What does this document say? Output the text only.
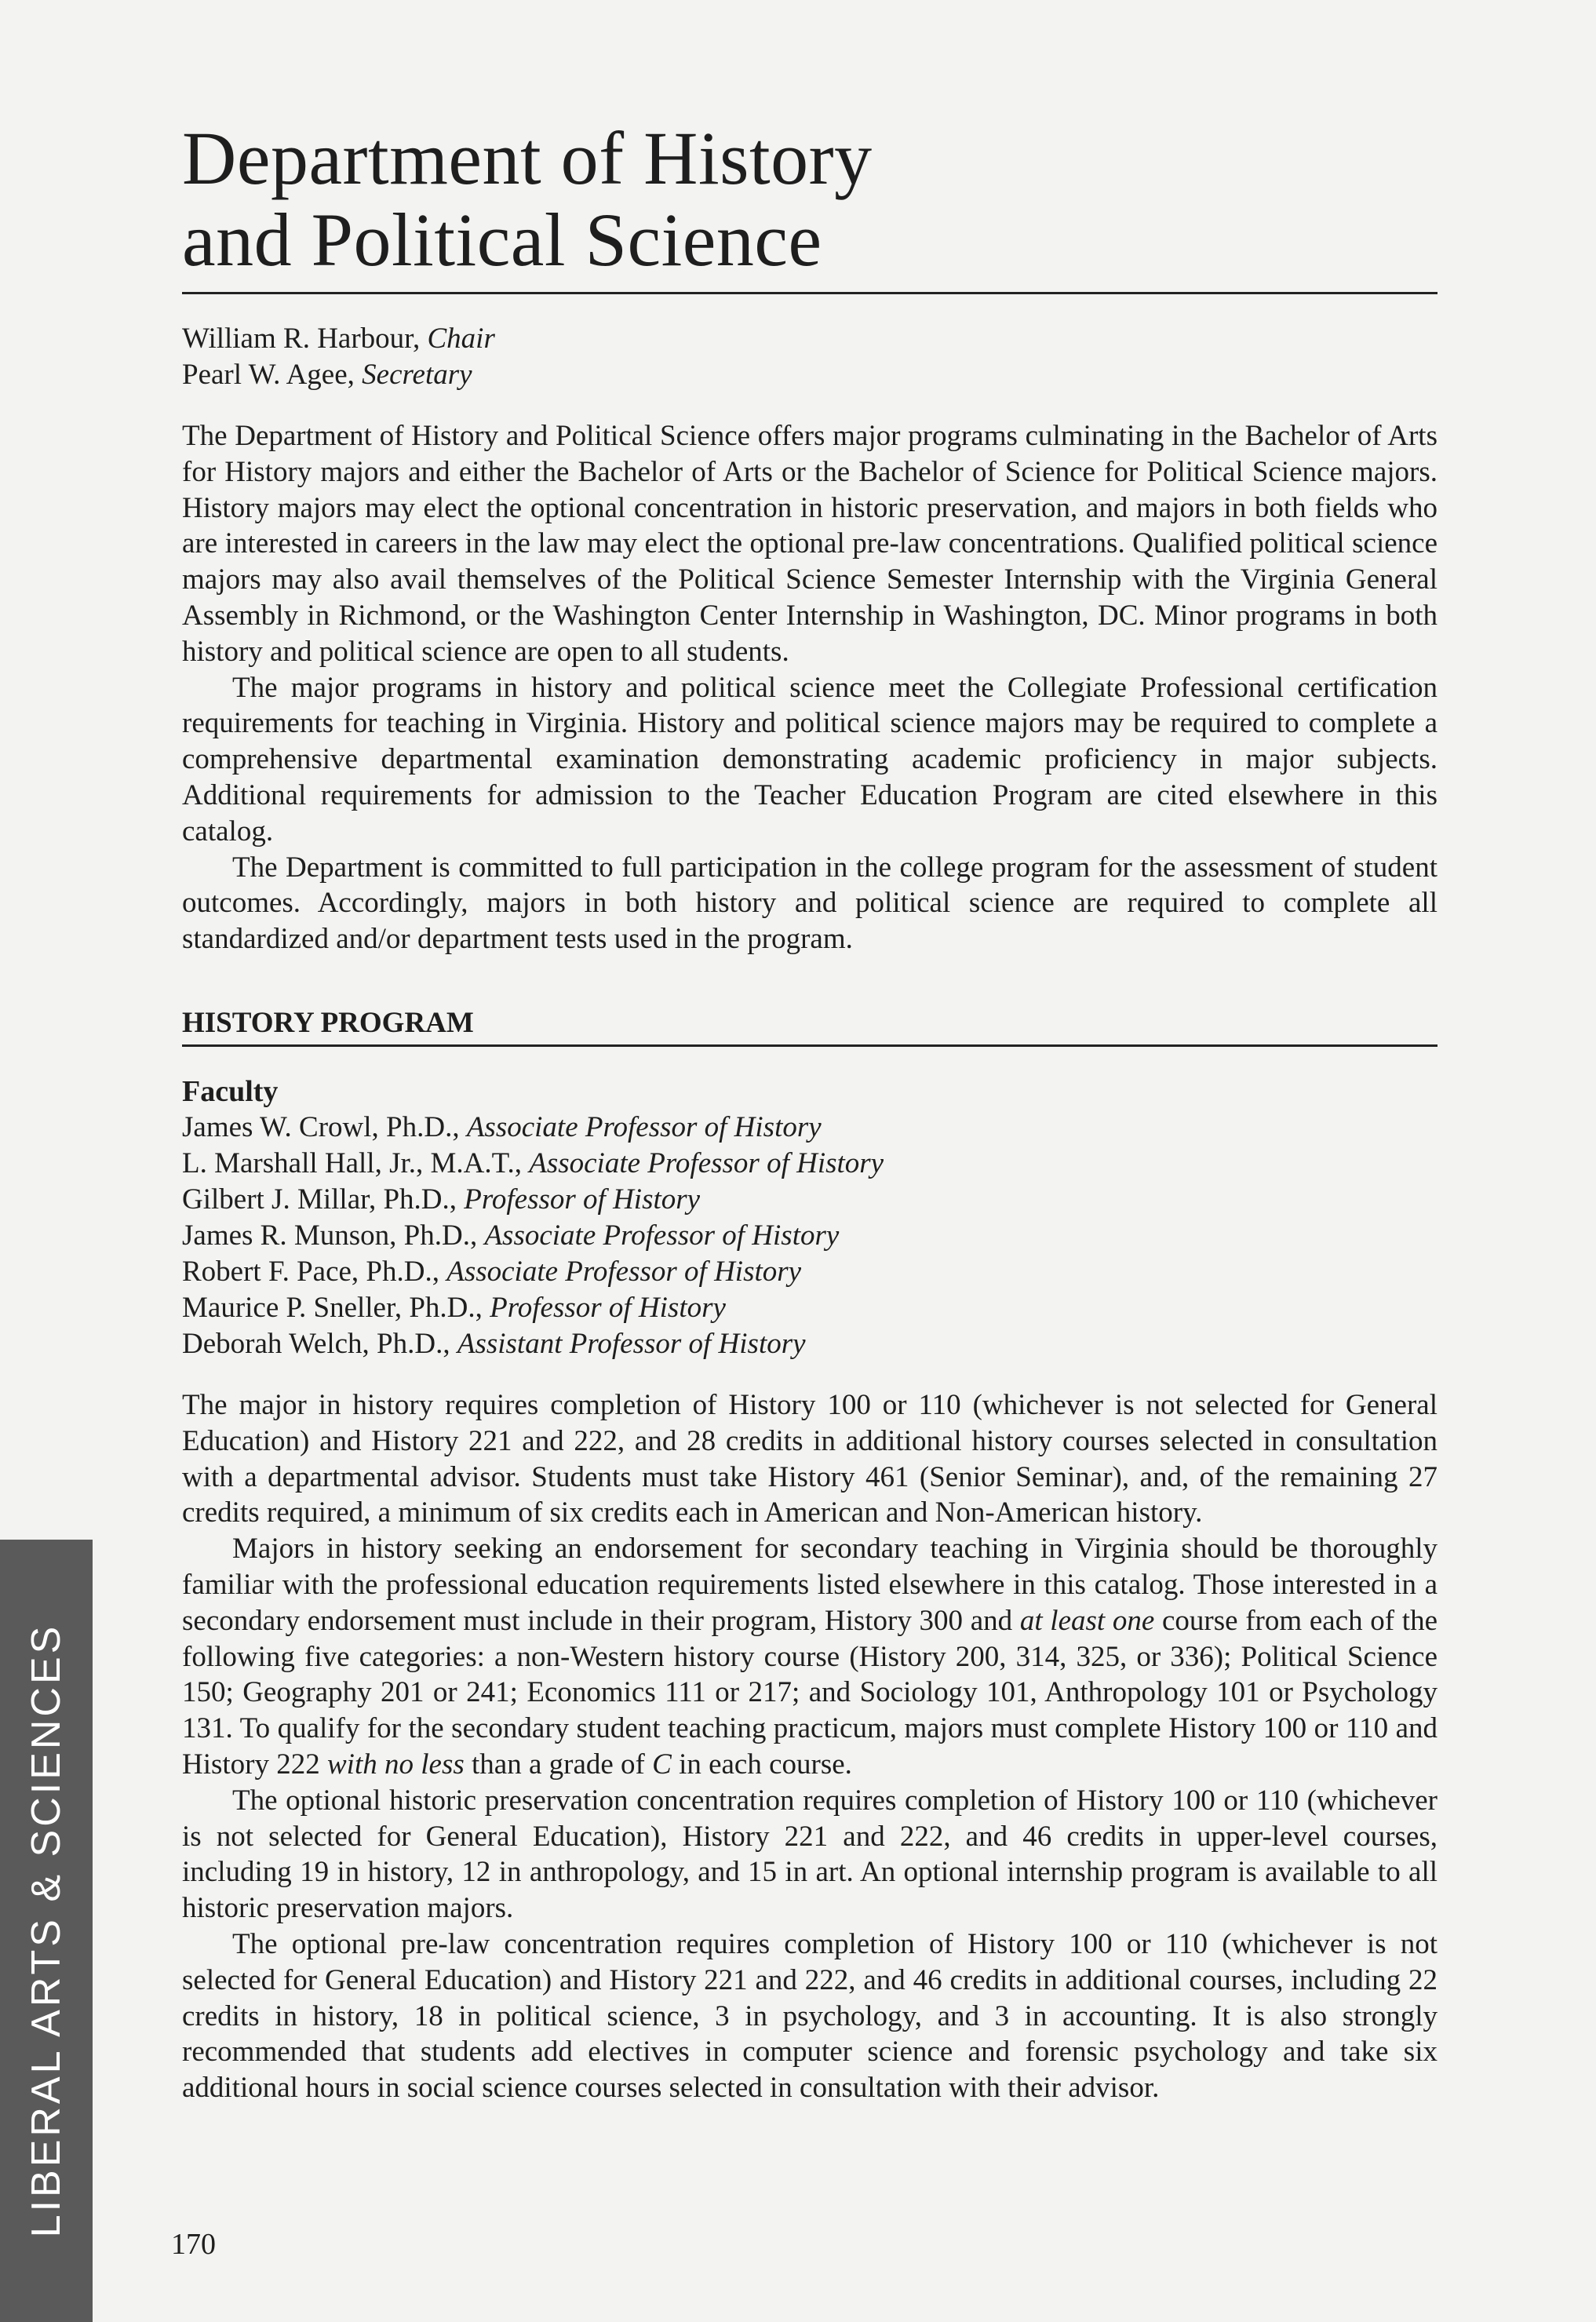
Department of History
and Political Science
William R. Harbour, Chair
Pearl W. Agee, Secretary

The Department of History and Political Science offers major programs culminating in the Bachelor of Arts for History majors and either the Bachelor of Arts or the Bachelor of Science for Political Science majors. History majors may elect the optional concentration in historic preservation, and majors in both fields who are interested in careers in the law may elect the optional pre-law concentrations. Qualified political science majors may also avail themselves of the Political Science Semester Internship with the Virginia General Assembly in Richmond, or the Washington Center Internship in Washington, DC. Minor programs in both history and political science are open to all students.

The major programs in history and political science meet the Collegiate Professional certification requirements for teaching in Virginia. History and political science majors may be required to complete a comprehensive departmental examination demonstrating academic proficiency in major subjects. Additional requirements for admission to the Teacher Education Program are cited elsewhere in this catalog.

The Department is committed to full participation in the college program for the assessment of student outcomes. Accordingly, majors in both history and political science are required to complete all standardized and/or department tests used in the program.

HISTORY PROGRAM
Faculty
James W. Crowl, Ph.D., Associate Professor of History
L. Marshall Hall, Jr., M.A.T., Associate Professor of History
Gilbert J. Millar, Ph.D., Professor of History
James R. Munson, Ph.D., Associate Professor of History
Robert F. Pace, Ph.D., Associate Professor of History
Maurice P. Sneller, Ph.D., Professor of History
Deborah Welch, Ph.D., Assistant Professor of History

The major in history requires completion of History 100 or 110 (whichever is not selected for General Education) and History 221 and 222, and 28 credits in additional history courses selected in consultation with a departmental advisor. Students must take History 461 (Senior Seminar), and, of the remaining 27 credits required, a minimum of six credits each in American and Non-American history.

Majors in history seeking an endorsement for secondary teaching in Virginia should be thoroughly familiar with the professional education requirements listed elsewhere in this catalog. Those interested in a secondary endorsement must include in their program, History 300 and at least one course from each of the following five categories: a non-Western history course (History 200, 314, 325, or 336); Political Science 150; Geography 201 or 241; Economics 111 or 217; and Sociology 101, Anthropology 101 or Psychology 131. To qualify for the secondary student teaching practicum, majors must complete History 100 or 110 and History 222 with no less than a grade of C in each course.

The optional historic preservation concentration requires completion of History 100 or 110 (whichever is not selected for General Education), History 221 and 222, and 46 credits in upper-level courses, including 19 in history, 12 in anthropology, and 15 in art. An optional internship program is available to all historic preservation majors.

The optional pre-law concentration requires completion of History 100 or 110 (whichever is not selected for General Education) and History 221 and 222, and 46 credits in additional courses, including 22 credits in history, 18 in political science, 3 in psychology, and 3 in accounting. It is also strongly recommended that students add electives in computer science and forensic psychology and take six additional hours in social science courses selected in consultation with their advisor.

170
LIBERAL ARTS & SCIENCES
